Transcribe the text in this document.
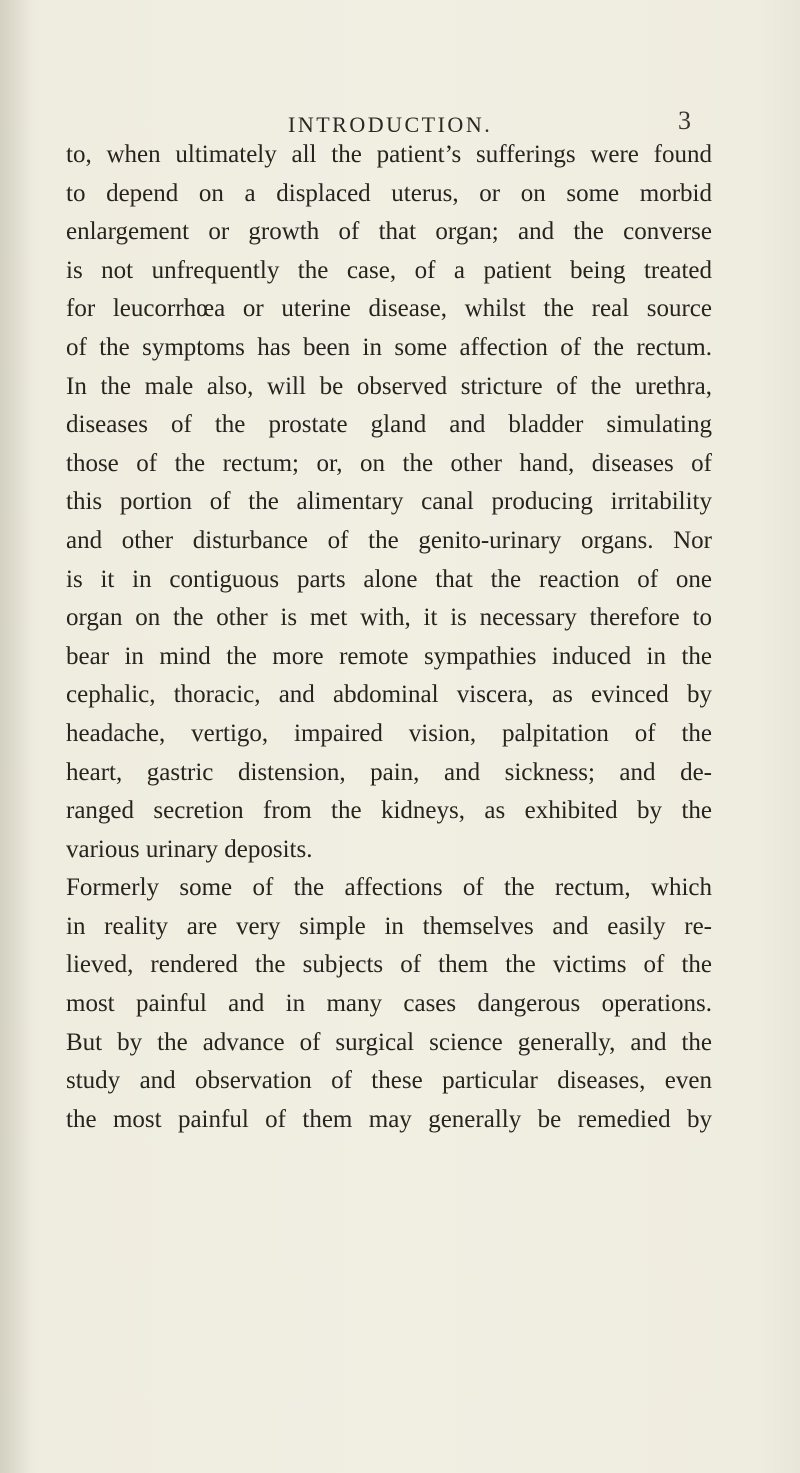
INTRODUCTION.	3
to, when ultimately all the patient’s sufferings were found
to depend on a displaced uterus, or on some morbid
enlargement or growth of that organ; and the converse
is not unfrequently the case, of a patient being treated
for leucorrhœa or uterine disease, whilst the real source
of the symptoms has been in some affection of the rectum.
In the male also, will be observed stricture of the urethra,
diseases of the prostate gland and bladder simulating
those of the rectum; or, on the other hand, diseases of
this portion of the alimentary canal producing irritability
and other disturbance of the genito-urinary organs. Nor
is it in contiguous parts alone that the reaction of one
organ on the other is met with, it is necessary therefore to
bear in mind the more remote sympathies induced in the
cephalic, thoracic, and abdominal viscera, as evinced by
headache, vertigo, impaired vision, palpitation of the
heart, gastric distension, pain, and sickness; and de-
ranged secretion from the kidneys, as exhibited by the
various urinary deposits.
Formerly some of the affections of the rectum, which
in reality are very simple in themselves and easily re-
lieved, rendered the subjects of them the victims of the
most painful and in many cases dangerous operations.
But by the advance of surgical science generally, and the
study and observation of these particular diseases, even
the most painful of them may generally be remedied by
